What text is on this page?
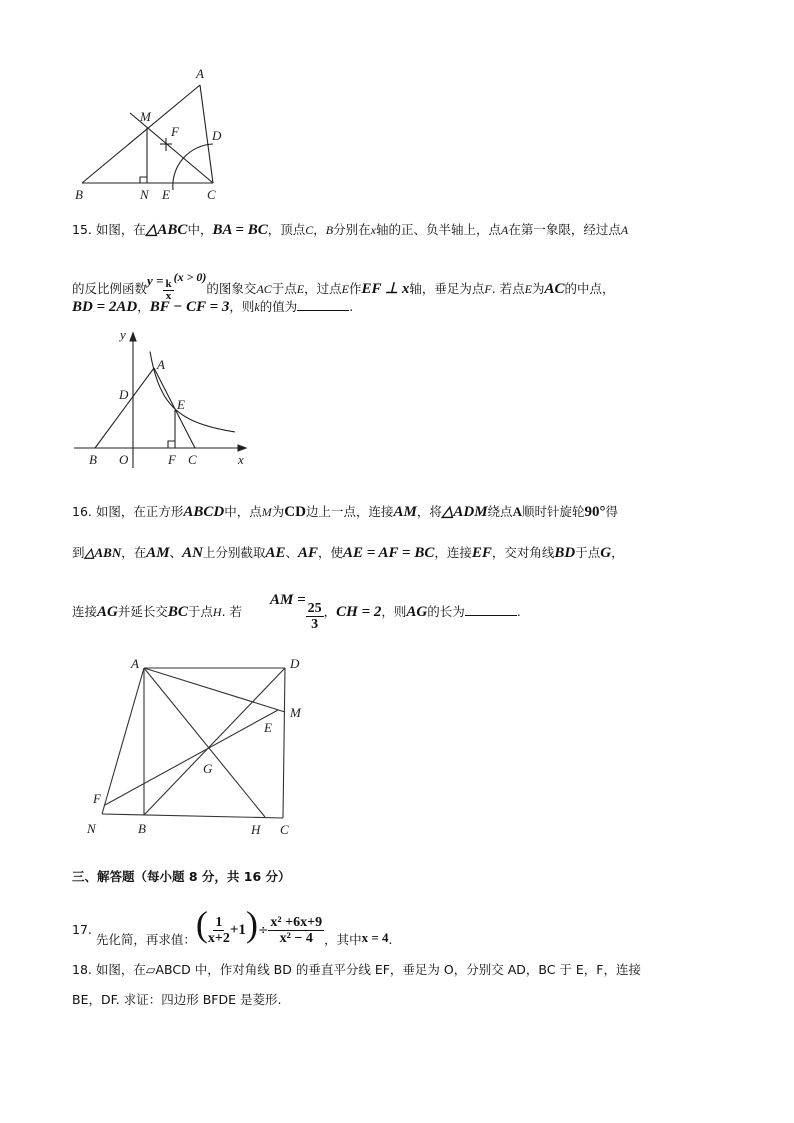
A
M
F	D
B	N E	C
15. 如图，在△ABC中，BA = BC，顶点C，B分别在x轴的正、负半轴上，点A在第一象限，经过点A
的反比例函数$y = \frac{k}{x}$
(x > 0)的图象交AC于点E，过点E作EF ⊥ x轴，垂足为点F. 若点E为AC的中点，
BD = 2AD，BF − CF = 3，则k的值为	.
y
A
D
E
B O	F C	x
16. 如图，在正方形ABCD中，点M为CD边上一点，连接AM，将△ADM绕点A顺时针旋轮90°得
到△ABN，在AM、AN上分别截取AE、AF，使AE = AF = BC，连接EF，交对角线BD于点G，
连接AG并延长交BC于点H. 若 AM =
$\frac{25}{3}$ ，CH = 2，则AG的长为	.
A	D
M
E
G
F
N	B	H C
三、解答题（每小题 8 分，共 16 分）
17. 先化简，再求值：( $\frac{1}{x+2} +1)\div \frac{\text{x² +6x+9}}{\text{x² − 4}}$ ，其中x = 4.
18. 如图，在▱ABCD 中，作对角线 BD 的垂直平分线 EF，垂足为 O，分别交 AD，BC 于 E，F，连接
BE，DF. 求证：四边形 BFDE 是菱形.
